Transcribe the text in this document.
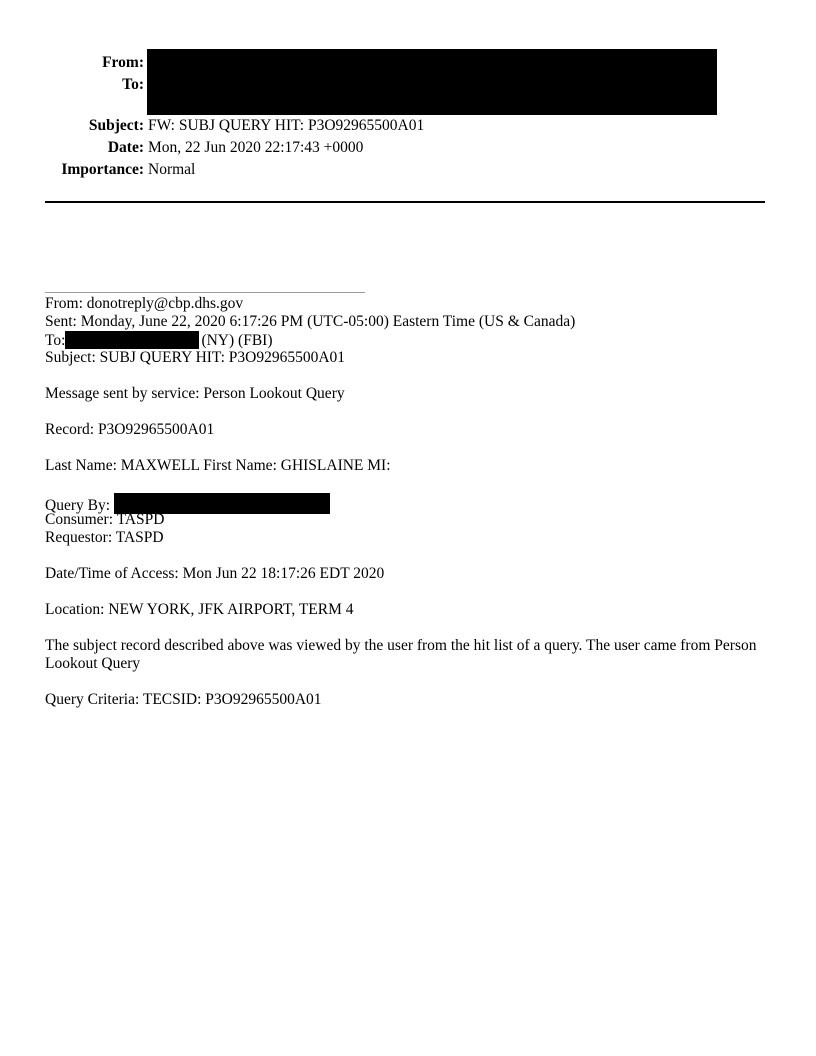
From:
To:
Subject: FW: SUBJ QUERY HIT: P3O92965500A01
Date: Mon, 22 Jun 2020 22:17:43 +0000
Importance: Normal
From: donotreply@cbp.dhs.gov
Sent: Monday, June 22, 2020 6:17:26 PM (UTC-05:00) Eastern Time (US & Canada)
To:	(NY) (FBI)
Subject: SUBJ QUERY HIT: P3O92965500A01
Message sent by service: Person Lookout Query
Record: P3O92965500A01
Last Name: MAXWELL First Name: GHISLAINE MI:
Query By:
Consumer: TASPD
Requestor: TASPD
Date/Time of Access: Mon Jun 22 18:17:26 EDT 2020
Location: NEW YORK, JFK AIRPORT, TERM 4
The subject record described above was viewed by the user from the hit list of a query. The user came from Person Lookout Query
Query Criteria: TECSID: P3O92965500A01
